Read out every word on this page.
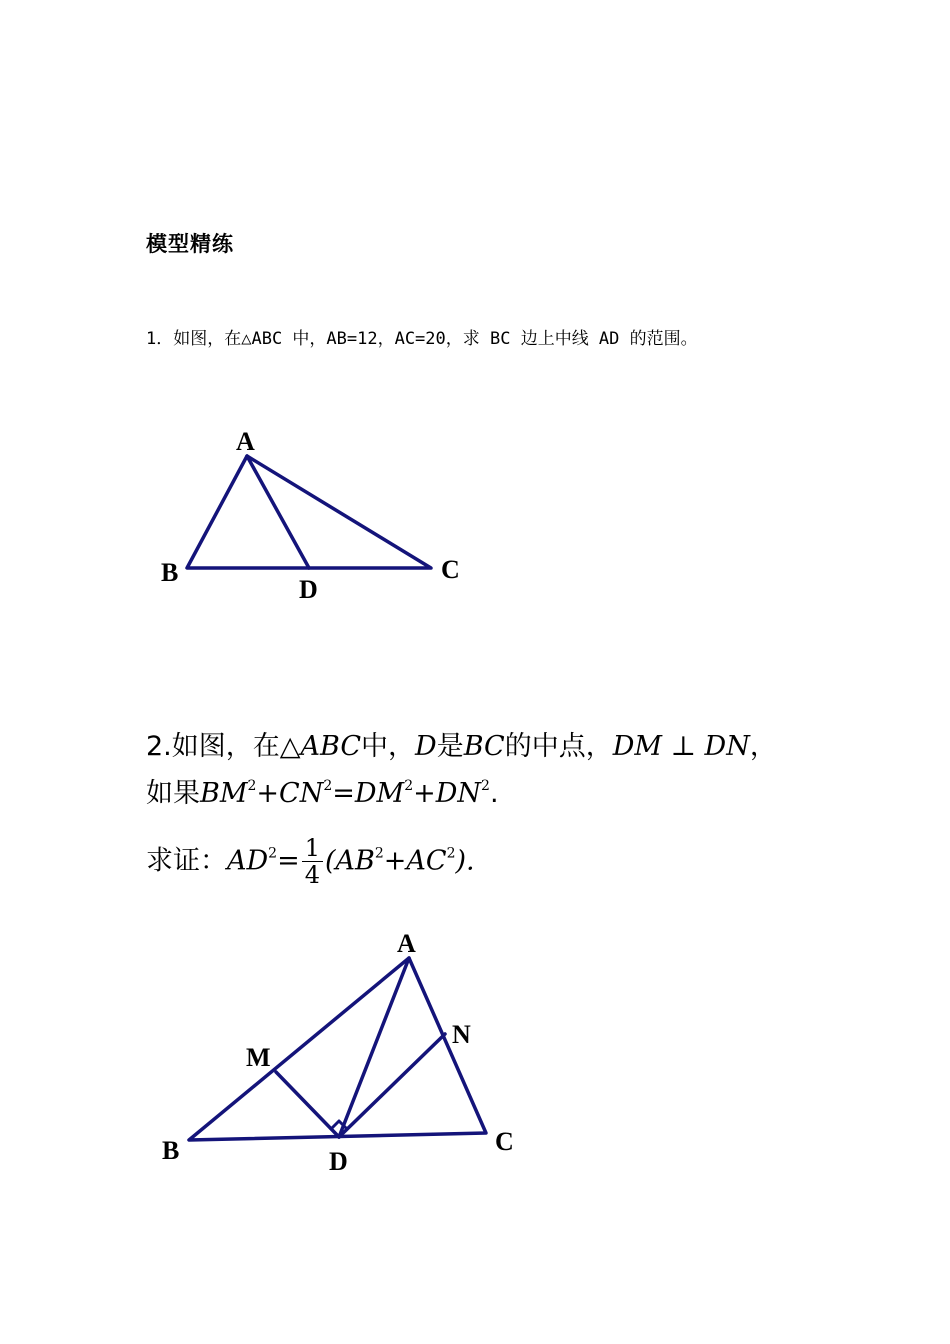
模型精练
1．如图，在△ABC 中，AB=12，AC=20，求 BC 边上中线 AD 的范围。
A
B	C
D
A
N
M
B	C
D
2.如图，在△ABC中，D是BC的中点，DM ⊥ DN，
如果$BM^2+CN^2=DM^2+DN^2$.
求证：$AD^2= \frac{1}{4} (AB^2+AC^2)$.
